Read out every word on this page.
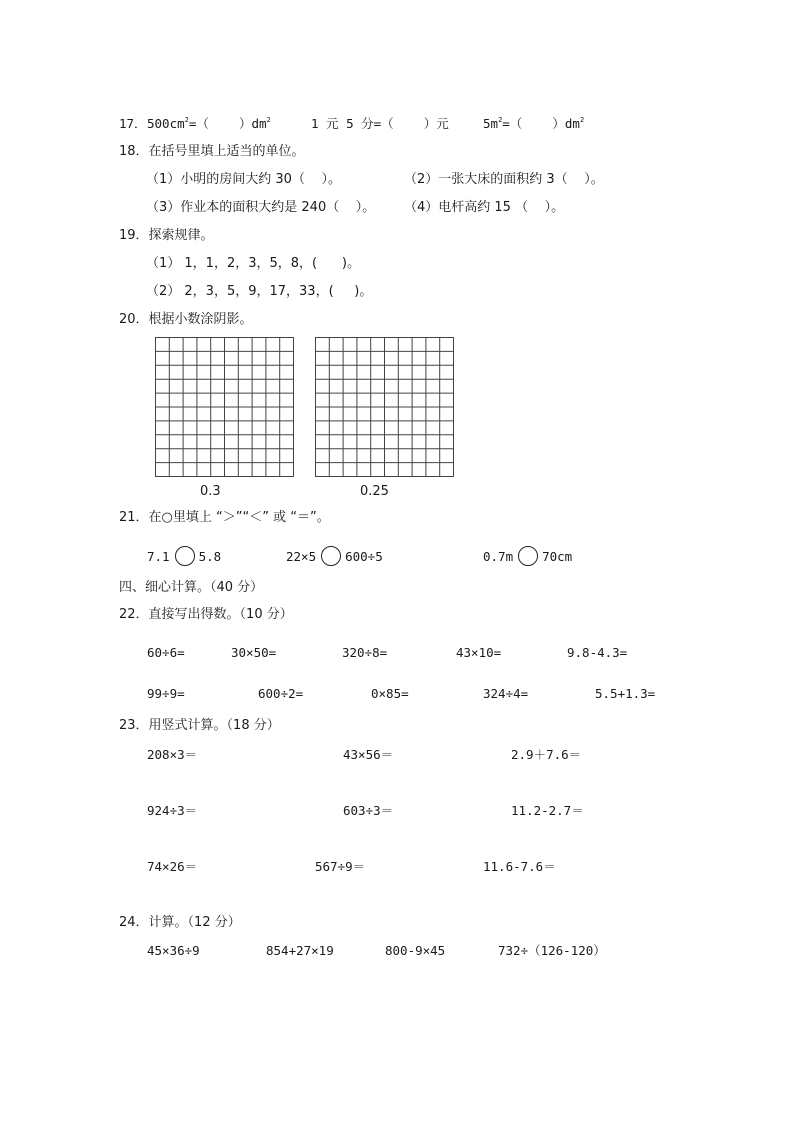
17． $500cm^2=$（    ）$dm^2$	1 元 5 分=（    ）元	$5m^2=$（    ）$dm^2$
18．在括号里填上适当的单位。
（1）小明的房间大约 30（    ）。	（2）一张大床的面积约 3（    ）。
（3）作业本的面积大约是 240（    ）。 （4）电杆高约 15 （    ）。
19．探索规律。
（1） 1，1，2，3，5，8，(      )。
（2） 2，3，5，9，17，33，(     )。
20．根据小数涂阴影。
0.3	0.25
21．在○里填上 “＞”“＜” 或 “＝”。
7.1 5.8	22×5 600÷5	0.7m 70cm
四、细心计算。（40 分）
22．直接写出得数。（10 分）
60÷6=	30×50=	320÷8=	43×10=	9.8-4.3=
99÷9=	600÷2=	0×85=	324÷4=	5.5+1.3=
23．用竖式计算。（18 分）
208×3＝	43×56＝	2.9＋7.6＝
924÷3＝	603÷3＝	11.2-2.7＝
74×26＝	567÷9＝	11.6-7.6＝
24．计算。（12 分）
45×36÷9	854+27×19	800-9×45	732÷（126-120）
